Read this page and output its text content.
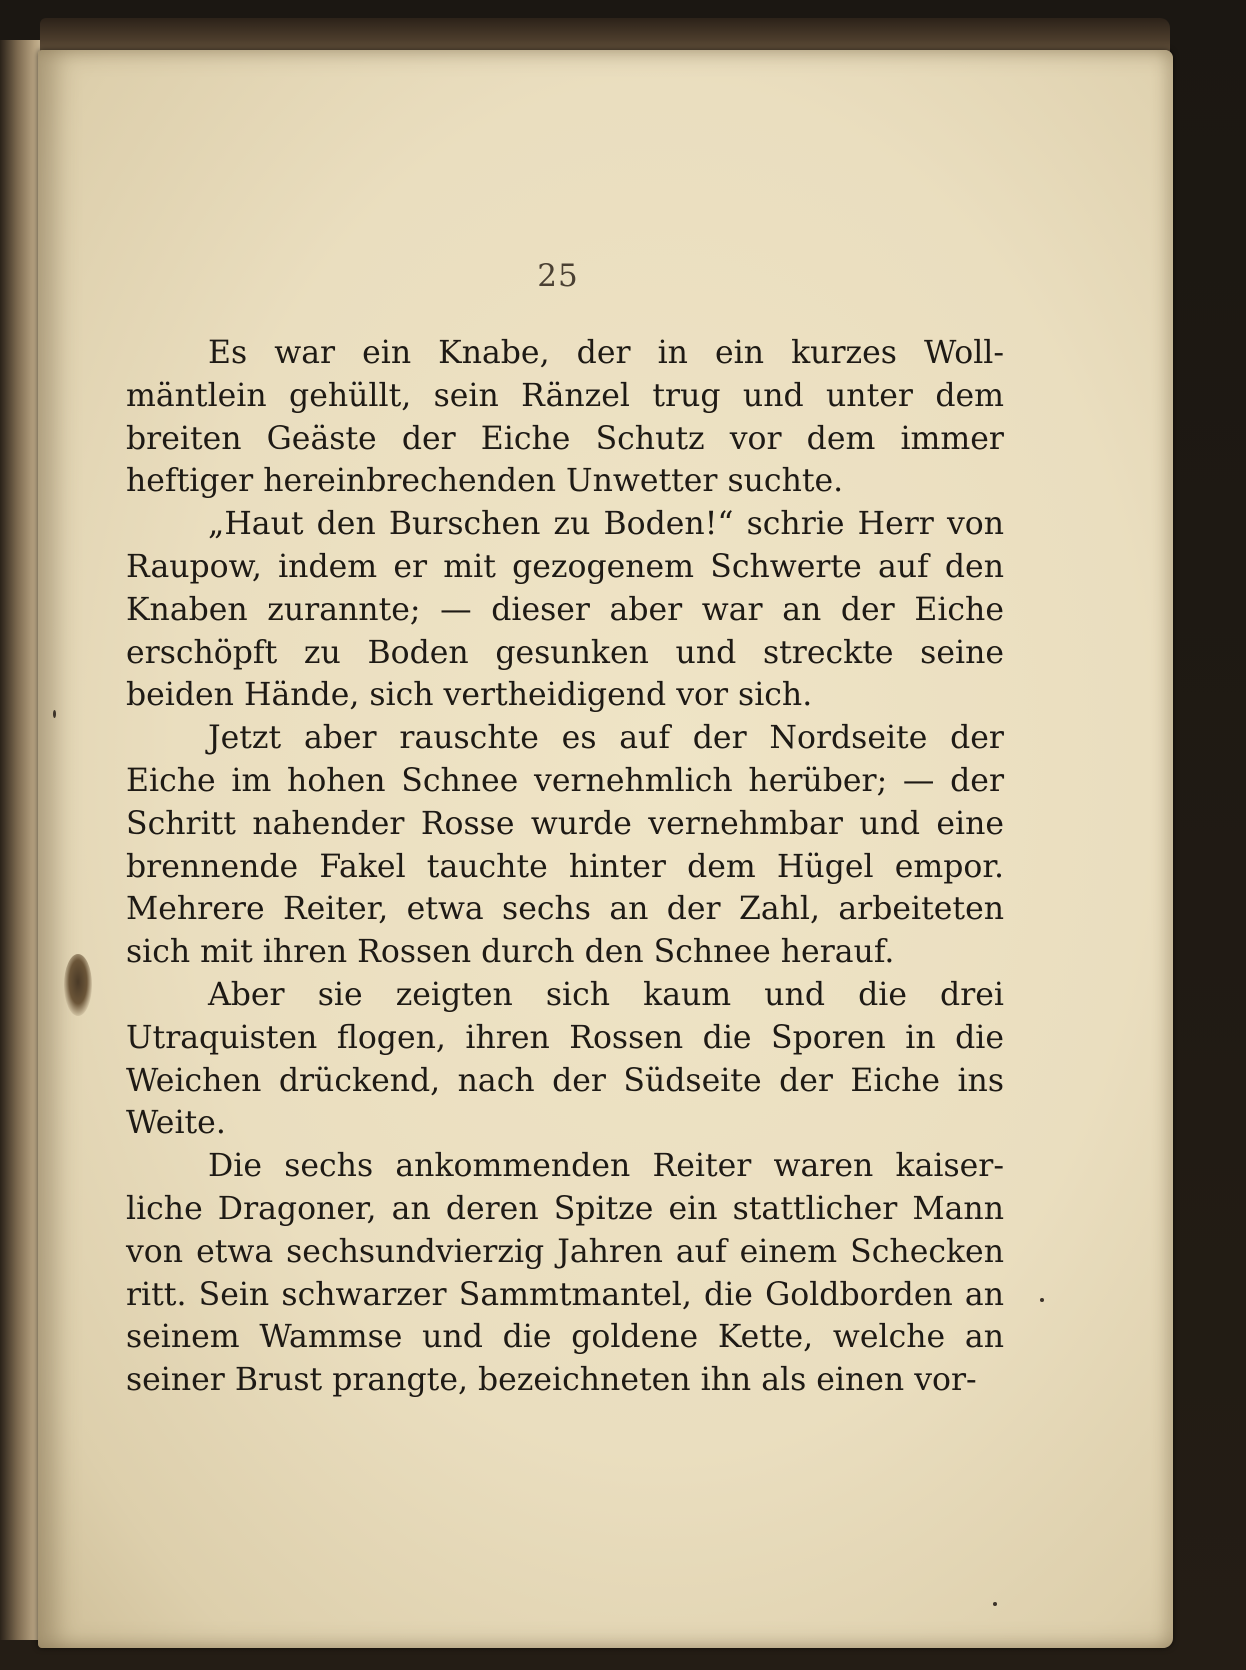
25

Es war ein Knabe, der in ein kurzes Woll-mäntlein gehüllt, sein Ränzel trug und unter dem breiten Geäste der Eiche Schutz vor dem immer heftiger hereinbrechenden Unwetter suchte.

„Haut den Burschen zu Boden!“ schrie Herr von Raupow, indem er mit gezogenem Schwerte auf den Knaben zurannte; — dieser aber war an der Eiche erschöpft zu Boden gesunken und streckte seine beiden Hände, sich vertheidigend vor sich.

Jetzt aber rauschte es auf der Nordseite der Eiche im hohen Schnee vernehmlich herüber; — der Schritt nahender Rosse wurde vernehmbar und eine brennende Fakel tauchte hinter dem Hügel empor. Mehrere Reiter, etwa sechs an der Zahl, arbeiteten sich mit ihren Rossen durch den Schnee herauf.

Aber sie zeigten sich kaum und die drei Utraquisten flogen, ihren Rossen die Sporen in die Weichen drückend, nach der Südseite der Eiche ins Weite.

Die sechs ankommenden Reiter waren kaiser-liche Dragoner, an deren Spitze ein stattlicher Mann von etwa sechsundvierzig Jahren auf einem Schecken ritt. Sein schwarzer Sammtmantel, die Goldborden an seinem Wammse und die goldene Kette, welche an seiner Brust prangte, bezeichneten ihn als einen vor-
